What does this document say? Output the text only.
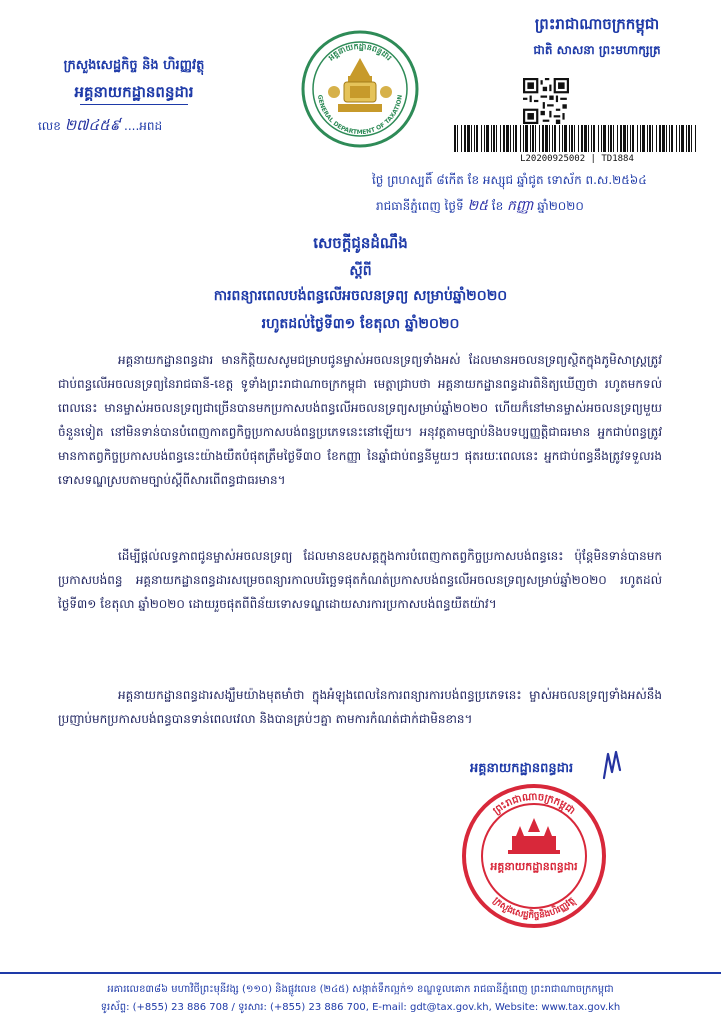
ក្រសួងសេដ្ឋកិច្ច និង ហិរញ្ញវត្ថុ
អគ្គនាយកដ្ឋានពន្ធដារ
លេខ ២៧៤៥៩ ....អពដ
អគ្គនាយកដ្ឋានពន្ធដារ
GENERAL DEPARTMENT OF TAXATION
ព្រះរាជាណាចក្រកម្ពុជា
ជាតិ សាសនា ព្រះមហាក្សត្រ
L20200925002 | TD1884
ថ្ងៃ ព្រហស្បតិ៍ ៨កើត ខែ អស្សុជ ឆ្នាំជូត ទោស័ក ព.ស.២៥៦៤
រាជធានីភ្នំពេញ ថ្ងៃទី ២៥ ខែ កញ្ញា ឆ្នាំ២០២០
សេចក្តីជូនដំណឹង
ស្តីពី
ការពន្យារពេលបង់ពន្ធលើអចលនទ្រព្យ សម្រាប់ឆ្នាំ២០២០
រហូតដល់ថ្ងៃទី៣១ ខែតុលា ឆ្នាំ២០២០
អគ្គនាយកដ្ឋានពន្ធដារ មានកិត្តិយសសូមជម្រាបជូនម្ចាស់អចលនទ្រព្យទាំងអស់ ដែលមានអចលនទ្រព្យស្ថិតក្នុងភូមិសាស្ត្រត្រូវជាប់ពន្ធលើអចលនទ្រព្យនៃរាជធានី-ខេត្ត ទូទាំងព្រះរាជាណាចក្រកម្ពុជា មេត្តាជ្រាបថា អគ្គនាយកដ្ឋានពន្ធដារពិនិត្យឃើញថា រហូតមកទល់ពេលនេះ មានម្ចាស់អចលនទ្រព្យជាច្រើនបានមកប្រកាសបង់ពន្ធលើអចលនទ្រព្យសម្រាប់ឆ្នាំ២០២០ ហើយក៏នៅមានម្ចាស់អចលនទ្រព្យមួយចំនួនទៀត នៅមិនទាន់បានបំពេញកាតព្វកិច្ចប្រកាសបង់ពន្ធប្រភេទនេះនៅឡើយ។ អនុវត្តតាមច្បាប់និងបទប្បញ្ញត្តិជាធរមាន អ្នកជាប់ពន្ធត្រូវមានកាតព្វកិច្ចប្រកាសបង់ពន្ធនេះយ៉ាងយឺតបំផុតត្រឹមថ្ងៃទី៣០ ខែកញ្ញា នៃឆ្នាំជាប់ពន្ធនីមួយៗ ផុតរយៈពេលនេះ អ្នកជាប់ពន្ធនឹងត្រូវទទួលរងទោសទណ្ឌស្របតាមច្បាប់ស្តីពីសារពើពន្ធជាធរមាន។
ដើម្បីផ្តល់លទ្ធភាពជូនម្ចាស់អចលនទ្រព្យ ដែលមានឧបសគ្គក្នុងការបំពេញកាតព្វកិច្ចប្រកាសបង់ពន្ធនេះ ប៉ុន្តែមិនទាន់បានមកប្រកាសបង់ពន្ធ អគ្គនាយកដ្ឋានពន្ធដារសម្រេចពន្យារកាលបរិច្ឆេទផុតកំណត់ប្រកាសបង់ពន្ធលើអចលនទ្រព្យសម្រាប់ឆ្នាំ២០២០ រហូតដល់ថ្ងៃទី៣១ ខែតុលា ឆ្នាំ២០២០ ដោយរួចផុតពីពិន័យទោសទណ្ឌដោយសារការប្រកាសបង់ពន្ធយឺតយ៉ាវ។
អគ្គនាយកដ្ឋានពន្ធដារសង្ឃឹមយ៉ាងមុតមាំថា ក្នុងអំឡុងពេលនៃការពន្យារការបង់ពន្ធប្រភេទនេះ ម្ចាស់អចលនទ្រព្យទាំងអស់នឹងប្រញាប់មកប្រកាសបង់ពន្ធបានទាន់ពេលវេលា និងបានគ្រប់ៗគ្នា តាមការកំណត់ជាក់ជាមិនខាន។
អគ្គនាយកដ្ឋានពន្ធដារ
ព្រះរាជាណាចក្រកម្ពុជា
ក្រសួងសេដ្ឋកិច្ចនិងហិរញ្ញវត្ថុ
អគ្គនាយកដ្ឋានពន្ធដារ
អគារលេខ៣៨៦ មហាវិថីព្រះមុនីវង្ស (១១០) និងផ្លូវលេខ (២៤៥) សង្កាត់ទឹកល្អក់១ ខណ្ឌទួលគោក រាជធានីភ្នំពេញ ព្រះរាជាណាចក្រកម្ពុជា
ទូរស័ព្ទ: (+855) 23 886 708 / ទូរសារ: (+855) 23 886 700, E-mail: gdt@tax.gov.kh, Website: www.tax.gov.kh
